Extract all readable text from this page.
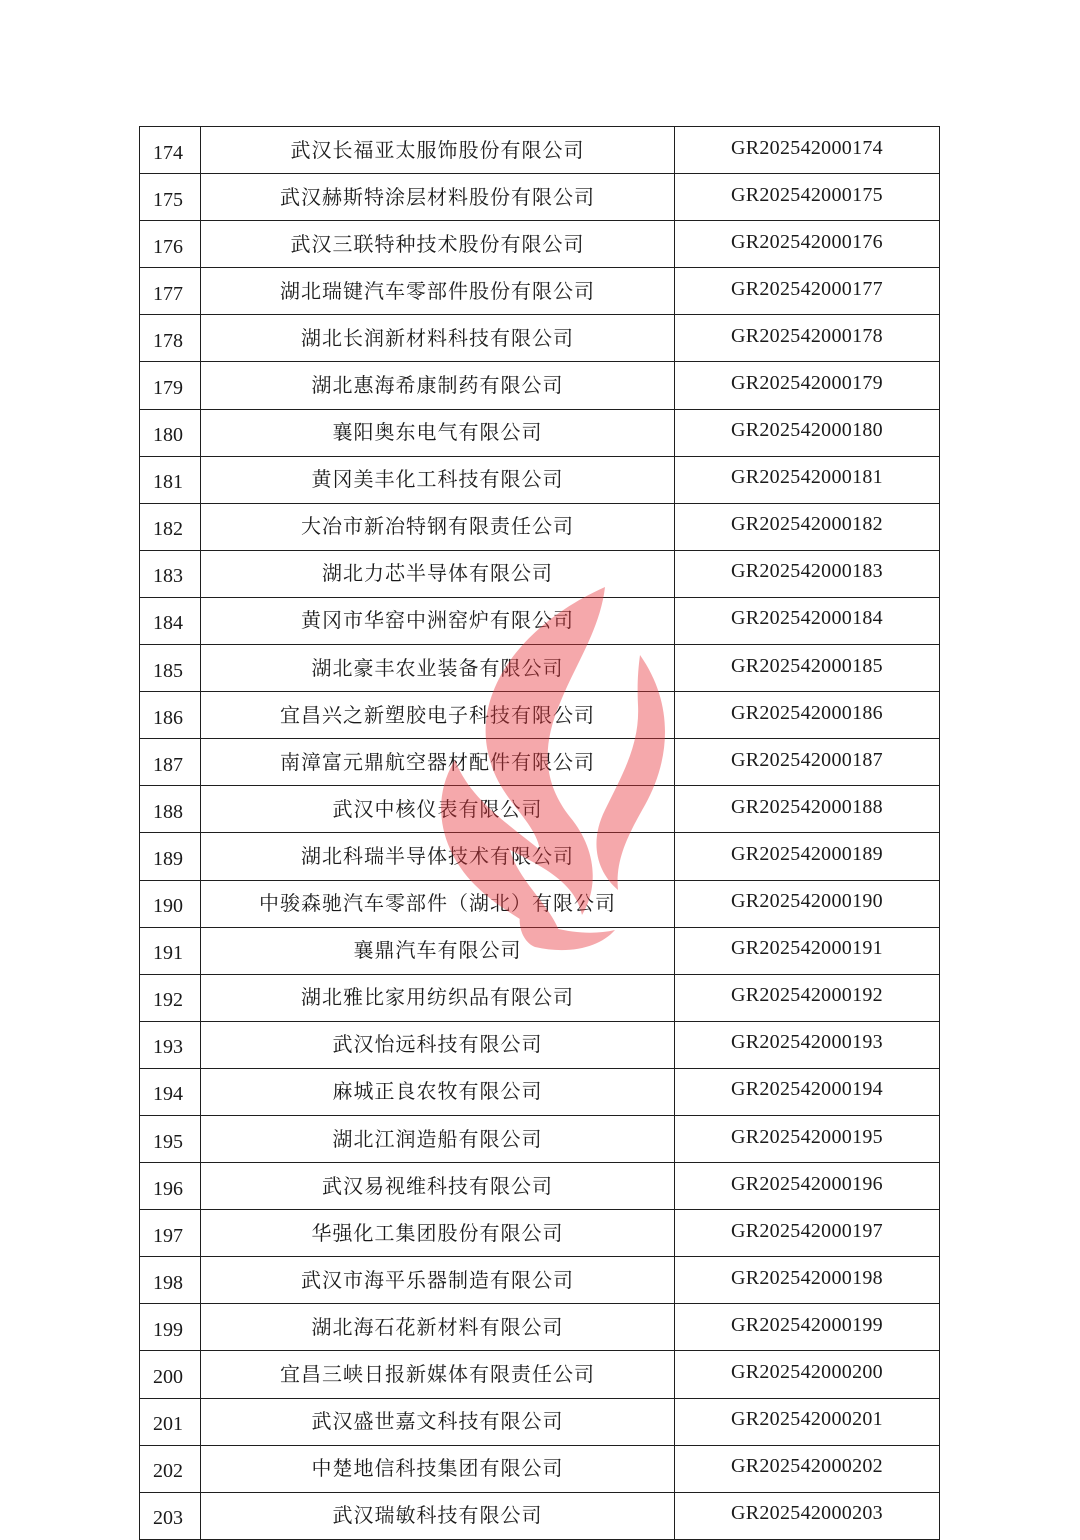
174	武汉长福亚太服饰股份有限公司	GR202542000174
175	武汉赫斯特涂层材料股份有限公司	GR202542000175
176	武汉三联特种技术股份有限公司	GR202542000176
177	湖北瑞键汽车零部件股份有限公司	GR202542000177
178	湖北长润新材料科技有限公司	GR202542000178
179	湖北惠海希康制药有限公司	GR202542000179
180	襄阳奥东电气有限公司	GR202542000180
181	黄冈美丰化工科技有限公司	GR202542000181
182	大冶市新冶特钢有限责任公司	GR202542000182
183	湖北力芯半导体有限公司	GR202542000183
184	黄冈市华窑中洲窑炉有限公司	GR202542000184
185	湖北豪丰农业装备有限公司	GR202542000185
186	宜昌兴之新塑胶电子科技有限公司	GR202542000186
187	南漳富元鼎航空器材配件有限公司	GR202542000187
188	武汉中核仪表有限公司	GR202542000188
189	湖北科瑞半导体技术有限公司	GR202542000189
190	中骏森驰汽车零部件（湖北）有限公司	GR202542000190
191	襄鼎汽车有限公司	GR202542000191
192	湖北雅比家用纺织品有限公司	GR202542000192
193	武汉怡远科技有限公司	GR202542000193
194	麻城正良农牧有限公司	GR202542000194
195	湖北江润造船有限公司	GR202542000195
196	武汉易视维科技有限公司	GR202542000196
197	华强化工集团股份有限公司	GR202542000197
198	武汉市海平乐器制造有限公司	GR202542000198
199	湖北海石花新材料有限公司	GR202542000199
200	宜昌三峡日报新媒体有限责任公司	GR202542000200
201	武汉盛世嘉文科技有限公司	GR202542000201
202	中楚地信科技集团有限公司	GR202542000202
203	武汉瑞敏科技有限公司	GR202542000203
